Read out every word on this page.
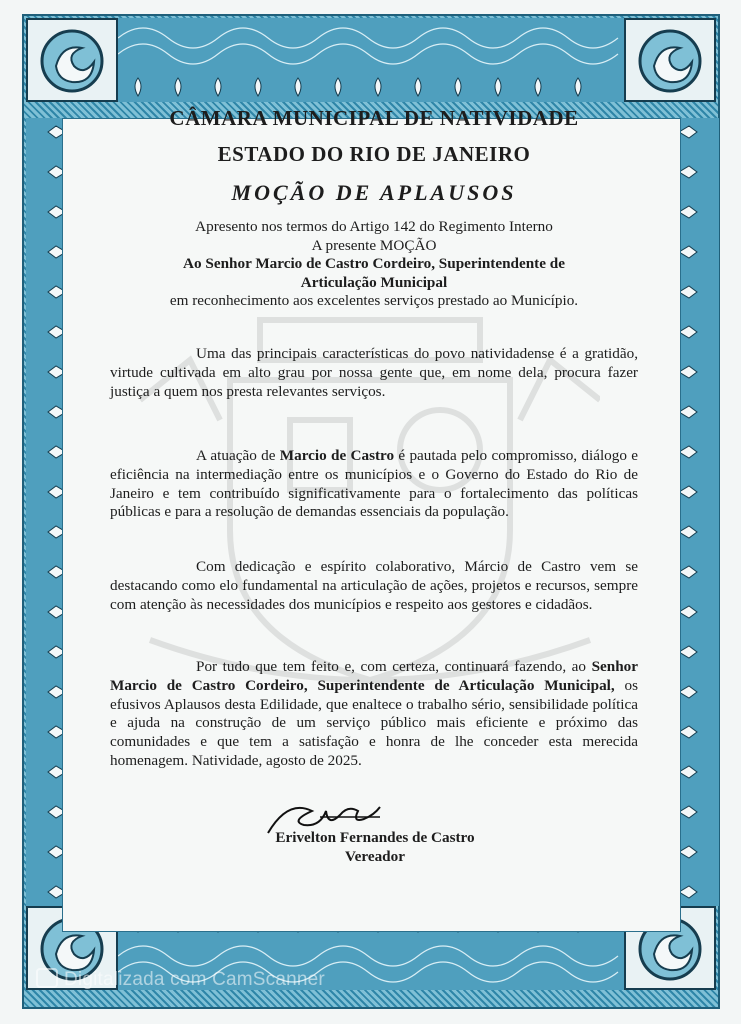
CÂMARA MUNICIPAL DE NATIVIDADE
ESTADO DO RIO DE JANEIRO
MOÇÃO DE APLAUSOS
Apresento nos termos do Artigo 142 do Regimento Interno
A presente MOÇÃO
Ao Senhor Marcio de Castro Cordeiro, Superintendente de
Articulação Municipal
em reconhecimento aos excelentes serviços prestado ao Município.

Uma das principais características do povo natividadense é a gratidão, virtude cultivada em alto grau por nossa gente que, em nome dela, procura fazer justiça a quem nos presta relevantes serviços.

A atuação de Marcio de Castro é pautada pelo compromisso, diálogo e eficiência na intermediação entre os municípios e o Governo do Estado do Rio de Janeiro e tem contribuído significativamente para o fortalecimento das políticas públicas e para a resolução de demandas essenciais da população.

Com dedicação e espírito colaborativo, Márcio de Castro vem se destacando como elo fundamental na articulação de ações, projetos e recursos, sempre com atenção às necessidades dos municípios e respeito aos gestores e cidadãos.

Por tudo que tem feito e, com certeza, continuará fazendo, ao Senhor Marcio de Castro Cordeiro, Superintendente de Articulação Municipal, os efusivos Aplausos desta Edilidade, que enaltece o trabalho sério, sensibilidade política e ajuda na construção de um serviço público mais eficiente e próximo das comunidades e que tem a satisfação e honra de lhe conceder esta merecida homenagem. Natividade, agosto de 2025.

Erivelton Fernandes de Castro
Vereador
Digitalizada com CamScanner
